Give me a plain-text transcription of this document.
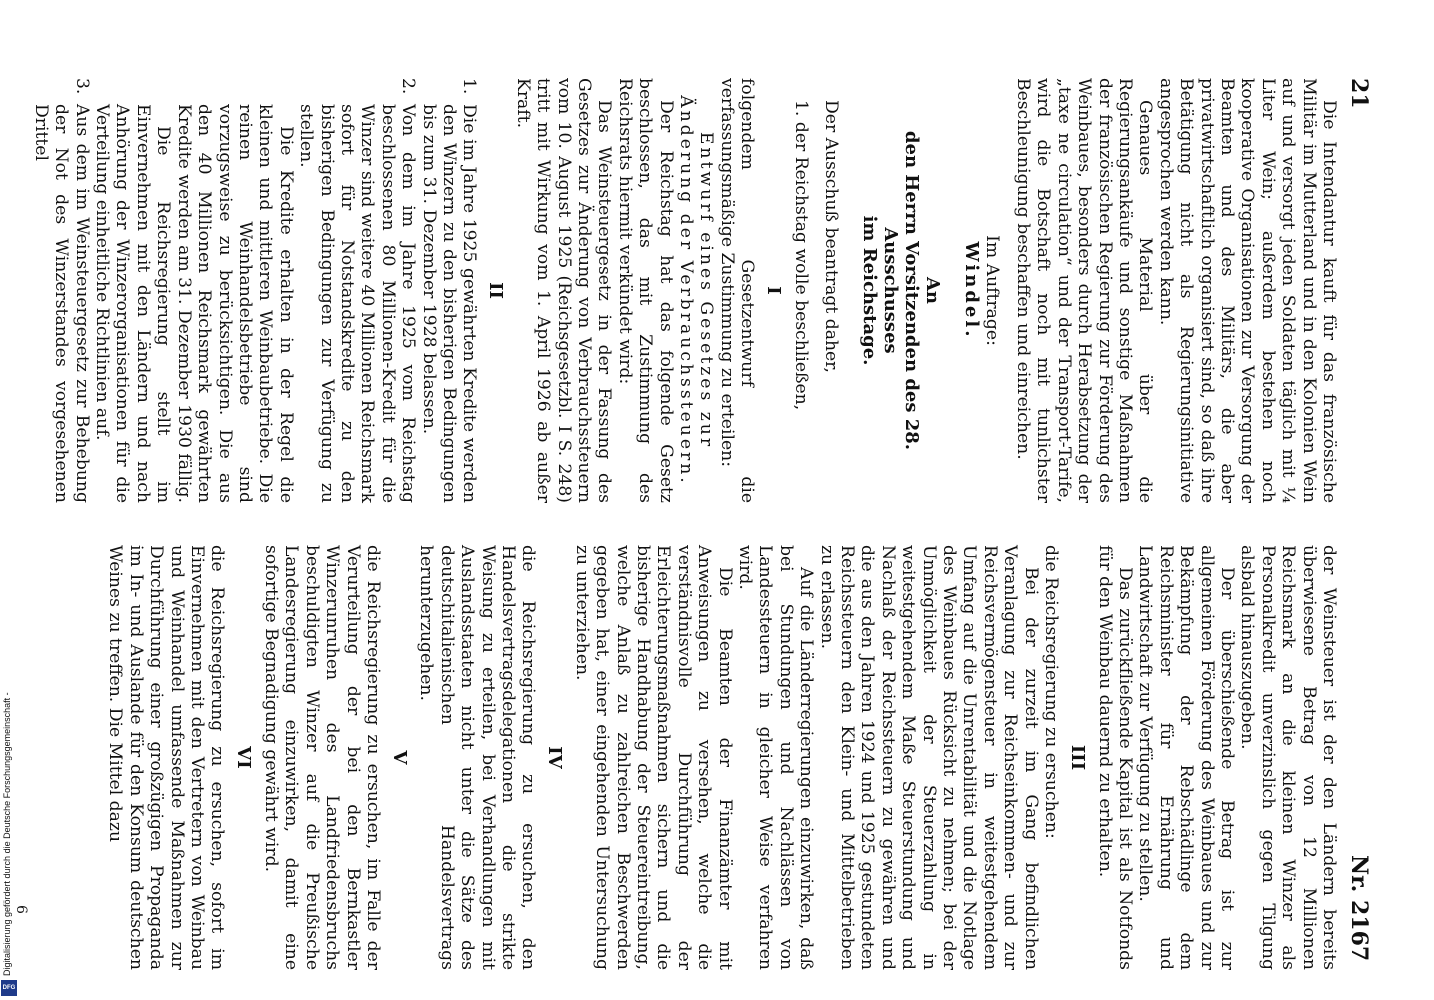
21
Nr. 2167

Die Intendantur kauft für das französische Militär im Mutterland und in den Kolonien Wein auf und versorgt jeden Soldaten täglich mit ¼ Liter Wein; außerdem bestehen noch kooperative Organisationen zur Versorgung der Beamten und des Militärs, die aber privatwirtschaftlich organisiert sind, so daß ihre Betätigung nicht als Regierungsinitiative angesprochen werden kann.

Genaues Material über die Regierungsankäufe und sonstige Maßnahmen der französischen Regierung zur Förderung des Weinbaues, besonders durch Herabsetzung der „taxe ne circulation“ und der Transport-Tarife, wird die Botschaft noch mit tunlichster Beschleunigung beschaffen und einreichen.

Im Auftrage:

Windel.

An

den Herrn Vorsitzenden des 28. Ausschusses

im Reichstage.

Der Ausschuß beantragt daher,

1. der Reichstag wolle beschließen,

I

folgendem Gesetzentwurf die verfassungsmäßige Zustimmung zu erteilen:

Entwurf eines Gesetzes zur Änderung der Verbrauchssteuern.

Der Reichstag hat das folgende Gesetz beschlossen, das mit Zustimmung des Reichsrats hiermit verkündet wird:

Das Weinsteuergesetz in der Fassung des Gesetzes zur Änderung von Verbrauchssteuern vom 10. August 1925 (Reichsgesetzbl. I S. 248) tritt mit Wirkung vom 1. April 1926 ab außer Kraft.

II
1.

Die im Jahre 1925 gewährten Kredite werden den Winzern zu den bisherigen Bedingungen bis zum 31. Dezember 1928 belassen.

2.

Von dem im Jahre 1925 vom Reichstag beschlossenen 80 Millionen-Kredit für die Winzer sind weitere 40 Millionen Reichsmark sofort für Notstandskredite zu den bisherigen Bedingungen zur Verfügung zu stellen.

Die Kredite erhalten in der Regel die kleinen und mittleren Weinbaubetriebe. Die reinen Weinhandelsbetriebe sind vorzugsweise zu berücksichtigen. Die aus den 40 Millionen Reichsmark gewährten Kredite werden am 31. Dezember 1930 fällig.

Die Reichsregierung stellt im Einvernehmen mit den Ländern und nach Anhörung der Winzerorganisationen für die Verteilung einheitliche Richtlinien auf.

3.

Aus dem im Weinsteuergesetz zur Behebung der Not des Winzerstandes vorgesehenen Drittel

der Weinsteuer ist der den Ländern bereits überwiesene Betrag von 12 Millionen Reichsmark an die kleinen Winzer als Personalkredit unverzinslich gegen Tilgung alsbald hinauszugeben.

Der überschießende Betrag ist zur allgemeinen Förderung des Weinbaues und zur Bekämpfung der Rebschädlinge dem Reichsminister für Ernährung und Landwirtschaft zur Verfügung zu stellen.

Das zurückfließende Kapital ist als Notfonds für den Weinbau dauernd zu erhalten.

III

die Reichsregierung zu ersuchen:

Bei der zurzeit im Gang befindlichen Veranlagung zur Reichseinkommen- und zur Reichsvermögensteuer in weitestgehendem Umfang auf die Unrentabilität und die Notlage des Weinbaues Rücksicht zu nehmen; bei der Unmöglichkeit der Steuerzahlung in weitestgehendem Maße Steuerstundung und Nachlaß der Reichssteuern zu gewähren und die aus den Jahren 1924 und 1925 gestundeten Reichssteuern den Klein- und Mittelbetrieben zu erlassen.

Auf die Länderregierungen einzuwirken, daß bei Stundungen und Nachlässen von Landessteuern in gleicher Weise verfahren wird.

Die Beamten der Finanzämter mit Anweisungen zu versehen, welche die verständnisvolle Durchführung der Erleichterungsmaßnahmen sichern und die bisherige Handhabung der Steuereintreibung, welche Anlaß zu zahlreichen Beschwerden gegeben hat, einer eingehenden Untersuchung zu unterziehen.

IV

die Reichsregierung zu ersuchen, den Handelsvertragsdelegationen die strikte Weisung zu erteilen, bei Verhandlungen mit Auslandsstaaten nicht unter die Sätze des deutschitalienischen Handelsvertrags herunterzugehen.

V

die Reichsregierung zu ersuchen, im Falle der Verurteilung der bei den Bernkastler Winzerunruhen des Landfriedensbruchs beschuldigten Winzer auf die Preußische Landesregierung einzuwirken, damit eine sofortige Begnadigung gewährt wird.

VI

die Reichsregierung zu ersuchen, sofort im Einvernehmen mit den Vertretern von Weinbau und Weinhandel umfassende Maßnahmen zur Durchführung einer großzügigen Propaganda im In- und Auslande für den Konsum deutschen Weines zu treffen. Die Mittel dazu

6
Digitalisierung gefördert durch die Deutsche Forschungsgemeinschaft -
DFG
